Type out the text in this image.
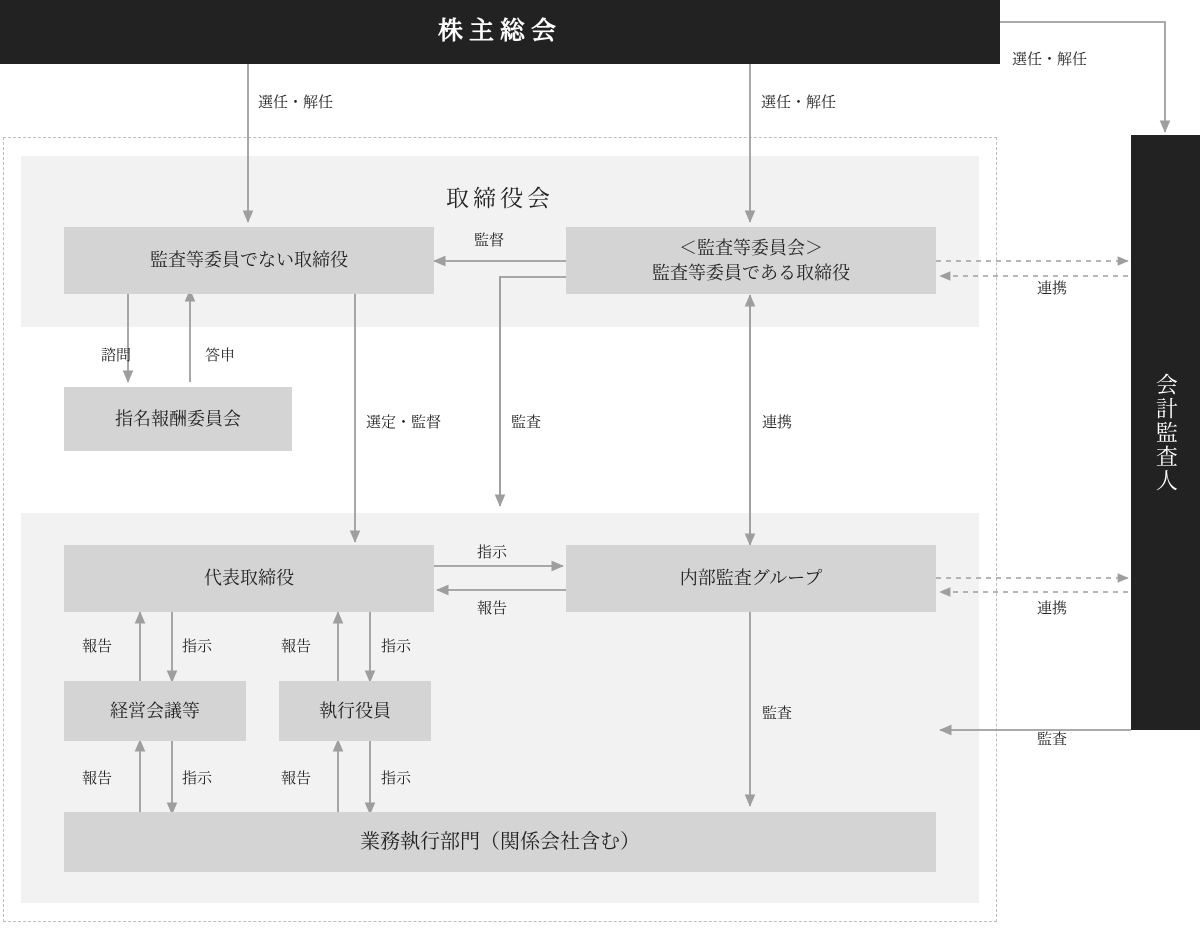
株主総会
会計監査人
取締役会
監査等委員でない取締役
＜監査等委員会＞
監査等委員である取締役
指名報酬委員会
代表取締役	内部監査グループ
経営会議等	執行役員
業務執行部門（関係会社含む）
選任・解任	選任・解任
選任・解任
監督
連携
連携
連携
諮問	答申
選定・監督	監査
指示
報告
報告	指示	報告	指示
報告	指示	報告	指示
監査
監査
